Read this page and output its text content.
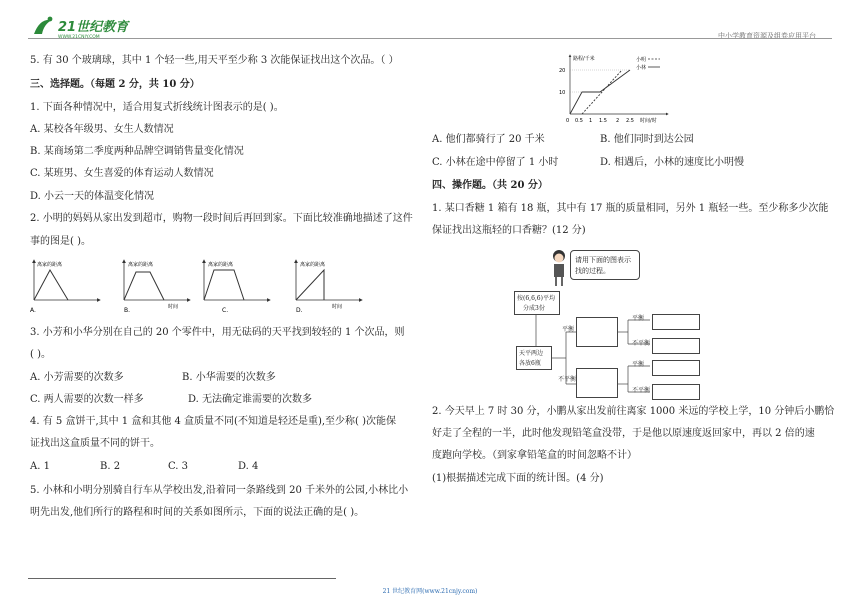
21世纪教育
WWW.21CNJY.COM	中小学教育资源及组卷应用平台
5. 有 30 个玻璃球，其中 1 个轻一些,用天平至少称 3 次能保证找出这个次品。（ ）
三、选择题。（每题 2 分，共 10 分）
1. 下面各种情况中，适合用复式折线统计图表示的是( )。
A. 某校各年级男、女生人数情况
B. 某商场第二季度两种品牌空调销售量变化情况
C. 某班男、女生喜爱的体育运动人数情况
D. 小云一天的体温变化情况
2. 小明的妈妈从家出发到超市，购物一段时间后再回到家。下面比较准确地描述了这件
事的图是( )。
离家的距离
A.
离家的距离
B.	时间
离家的距离
C.
离家的距离
D.	时间
3. 小芳和小华分别在自己的 20 个零件中，用无砝码的天平找到较轻的 1 个次品，则
( )。
A. 小芳需要的次数多	B. 小华需要的次数多
C. 两人需要的次数一样多	D. 无法确定谁需要的次数多
4. 有 5 盒饼干,其中 1 盒和其他 4 盒质量不同(不知道是轻还是重),至少称( )次能保
证找出这盒质量不同的饼干。
A. 1	B. 2	C. 3	D. 4
5. 小林和小明分别骑自行车从学校出发,沿着同一条路线到 20 千米外的公园,小林比小
明先出发,他们所行的路程和时间的关系如图所示，下面的说法正确的是( )。
路程/千米
20
10
0 0.5 1 1.5 2 2.5 时间/时
小明
小林
A. 他们都骑行了 20 千米	B. 他们同时到达公园
C. 小林在途中停留了 1 小时	D. 相遇后，小林的速度比小明慢
四、操作题。（共 20 分）
1. 某口香糖 1 箱有 18 瓶，其中有 17 瓶的质量相同，另外 1 瓶轻一些。至少称多少次能
保证找出这瓶轻的口香糖？(12 分)
请用下面的图表示
找的过程。
按(6,6,6)平均
分成3份
天平两边
各放6瓶
平衡
不平衡
平衡
不平衡
平衡
不平衡
2. 今天早上 7 时 30 分，小鹏从家出发前往离家 1000 米远的学校上学，10 分钟后小鹏恰
好走了全程的一半，此时他发现铅笔盒没带，于是他以原速度返回家中，再以 2 倍的速
度跑向学校。（到家拿铅笔盒的时间忽略不计）
(1)根据描述完成下面的统计图。(4 分)
21 世纪教育网(www.21cnjy.com)
